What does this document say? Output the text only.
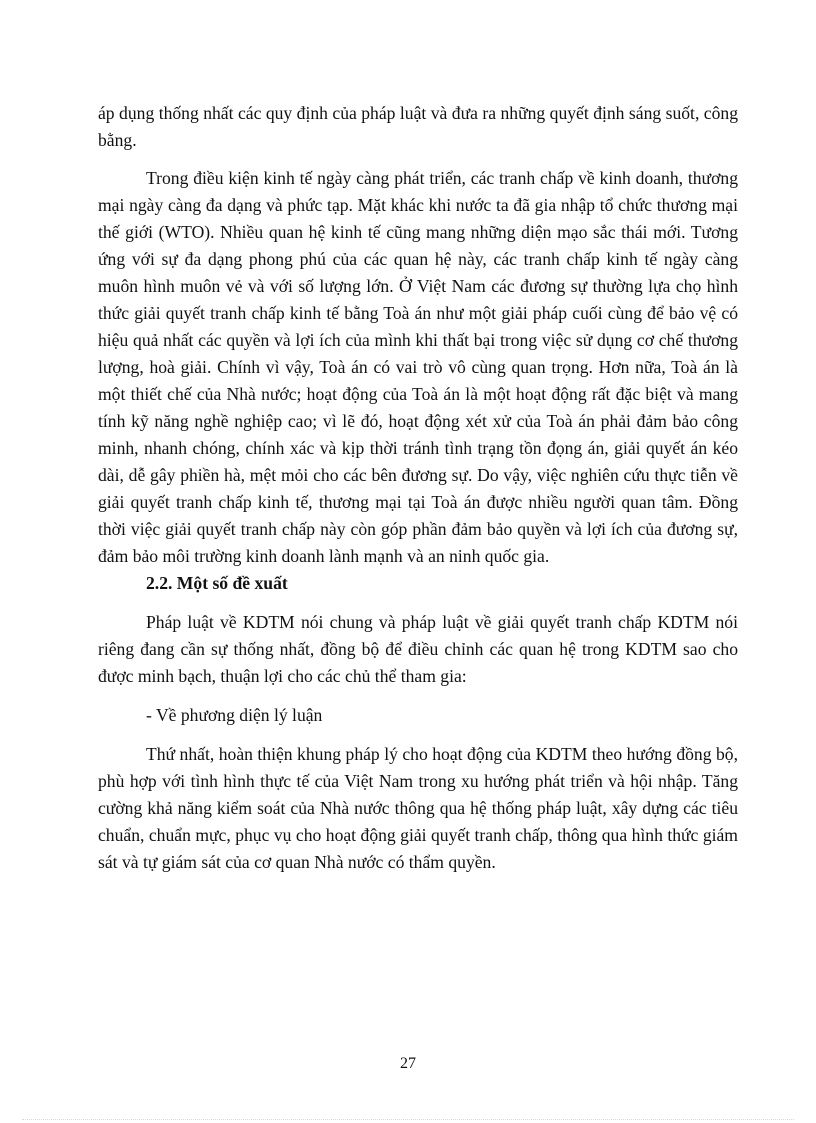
áp dụng thống nhất các quy định của pháp luật và đưa ra những quyết định sáng suốt, công bằng.

Trong điều kiện kinh tế ngày càng phát triển, các tranh chấp về kinh doanh, thương mại ngày càng đa dạng và phức tạp. Mặt khác khi nước ta đã gia nhập tổ chức thương mại thế giới (WTO). Nhiều quan hệ kinh tế cũng mang những diện mạo sắc thái mới. Tương ứng với sự đa dạng phong phú của các quan hệ này, các tranh chấp kinh tế ngày càng muôn hình muôn vẻ và với số lượng lớn. Ở Việt Nam các đương sự thường lựa chọ hình thức giải quyết tranh chấp kinh tế bằng Toà án như một giải pháp cuối cùng để bảo vệ có hiệu quả nhất các quyền và lợi ích của mình khi thất bại trong việc sử dụng cơ chế thương lượng, hoà giải. Chính vì vậy, Toà án có vai trò vô cùng quan trọng. Hơn nữa, Toà án là một thiết chế của Nhà nước; hoạt động của Toà án là một hoạt động rất đặc biệt và mang tính kỹ năng nghề nghiệp cao; vì lẽ đó, hoạt động xét xử của Toà án phải đảm bảo công minh, nhanh chóng, chính xác và kịp thời tránh tình trạng tồn đọng án, giải quyết án kéo dài, dễ gây phiền hà, mệt mỏi cho các bên đương sự. Do vậy, việc nghiên cứu thực tiễn về giải quyết tranh chấp kinh tế, thương mại tại Toà án được nhiều người quan tâm. Đồng thời việc giải quyết tranh chấp này còn góp phần đảm bảo quyền và lợi ích của đương sự, đảm bảo môi trường kinh doanh lành mạnh và an ninh quốc gia.

2.2. Một số đề xuất

Pháp luật về KDTM nói chung và pháp luật về giải quyết tranh chấp KDTM nói riêng đang cần sự thống nhất, đồng bộ để điều chỉnh các quan hệ trong KDTM sao cho được minh bạch, thuận lợi cho các chủ thể tham gia:

- Về phương diện lý luận

Thứ nhất, hoàn thiện khung pháp lý cho hoạt động của KDTM theo hướng đồng bộ, phù hợp với tình hình thực tế của Việt Nam trong xu hướng phát triển và hội nhập. Tăng cường khả năng kiểm soát của Nhà nước thông qua hệ thống pháp luật, xây dựng các tiêu chuẩn, chuẩn mực, phục vụ cho hoạt động giải quyết tranh chấp, thông qua hình thức giám sát và tự giám sát của cơ quan Nhà nước có thẩm quyền.

27
